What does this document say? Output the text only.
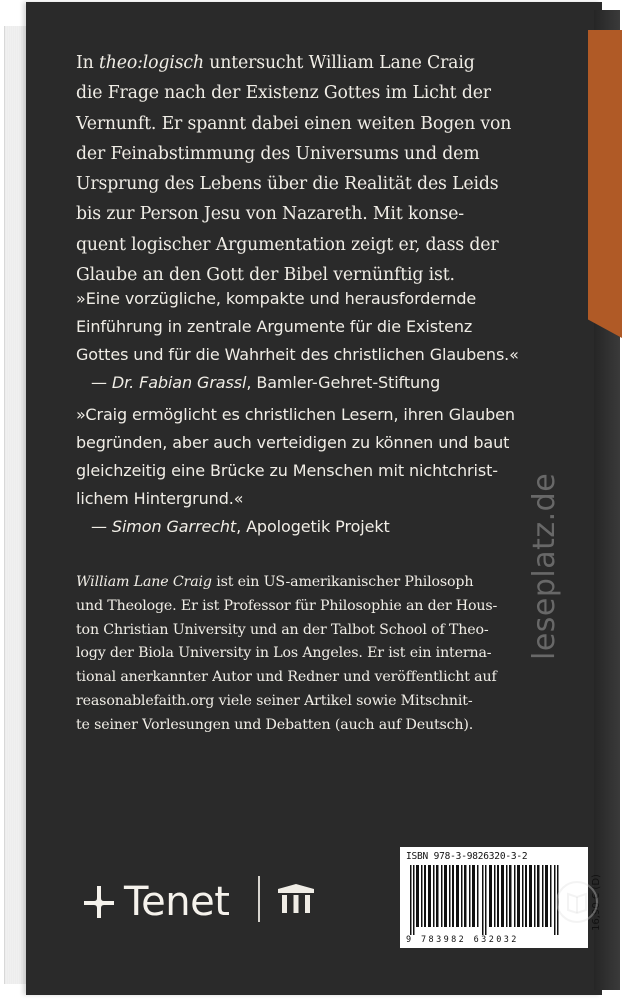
In theo:logisch untersucht William Lane Craig
die Frage nach der Existenz Gottes im Licht der
Vernunft. Er spannt dabei einen weiten Bogen von
der Feinabstimmung des Universums und dem
Ursprung des Lebens über die Realität des Leids
bis zur Person Jesu von Nazareth. Mit konse-
quent logischer Argumentation zeigt er, dass der
Glaube an den Gott der Bibel vernünftig ist.
»Eine vorzügliche, kompakte und herausfordernde
Einführung in zentrale Argumente für die Existenz
Gottes und für die Wahrheit des christlichen Glaubens.«
— Dr. Fabian Grassl, Bamler-Gehret-Stiftung
»Craig ermöglicht es christlichen Lesern, ihren Glauben
begründen, aber auch verteidigen zu können und baut
gleichzeitig eine Brücke zu Menschen mit nichtchrist-
lichem Hintergrund.«
— Simon Garrecht, Apologetik Projekt
William Lane Craig ist ein US-amerikanischer Philosoph
und Theologe. Er ist Professor für Philosophie an der Hous-
ton Christian University und an der Talbot School of Theo-
logy der Biola University in Los Angeles. Er ist ein interna-
tional anerkannter Autor und Redner und veröffentlicht auf
reasonablefaith.org viele seiner Artikel sowie Mitschnit-
te seiner Vorlesungen und Debatten (auch auf Deutsch).
Tenet
ISBN 978-3-9826320-3-2
9 783982 632032
16,90 € (D)
leseplatz.de
